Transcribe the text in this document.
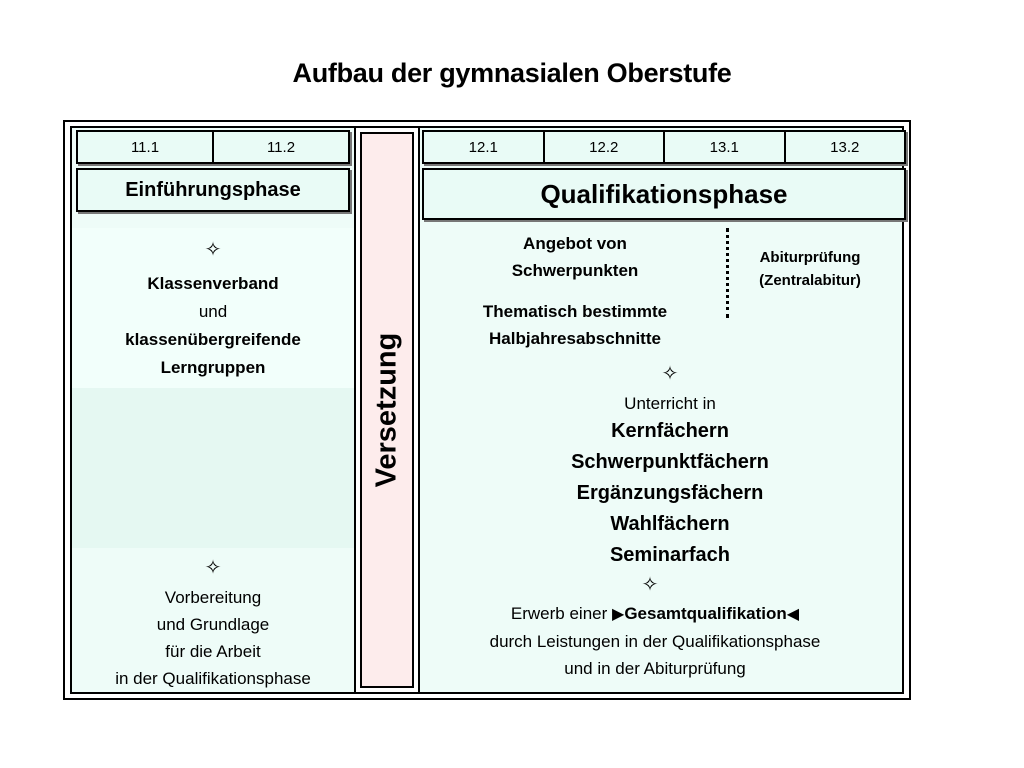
Aufbau der gymnasialen Oberstufe
11.1	11.2
Einführungsphase
✧
Klassenverband
und
klassenübergreifende
Lerngruppen
✧
Vorbereitung
und Grundlage
für die Arbeit
in der Qualifikationsphase
Versetzung
12.1	12.2	13.1	13.2
Qualifikationsphase
Angebot von
Schwerpunkten
Abiturprüfung
(Zentralabitur)
Thematisch bestimmte
Halbjahresabschnitte
✧
Unterricht in
Kernfächern
Schwerpunktfächern
Ergänzungsfächern
Wahlfächern
Seminarfach
✧
Erwerb einer ▶Gesamtqualifikation◀
durch Leistungen in der Qualifikationsphase
und in der Abiturprüfung
